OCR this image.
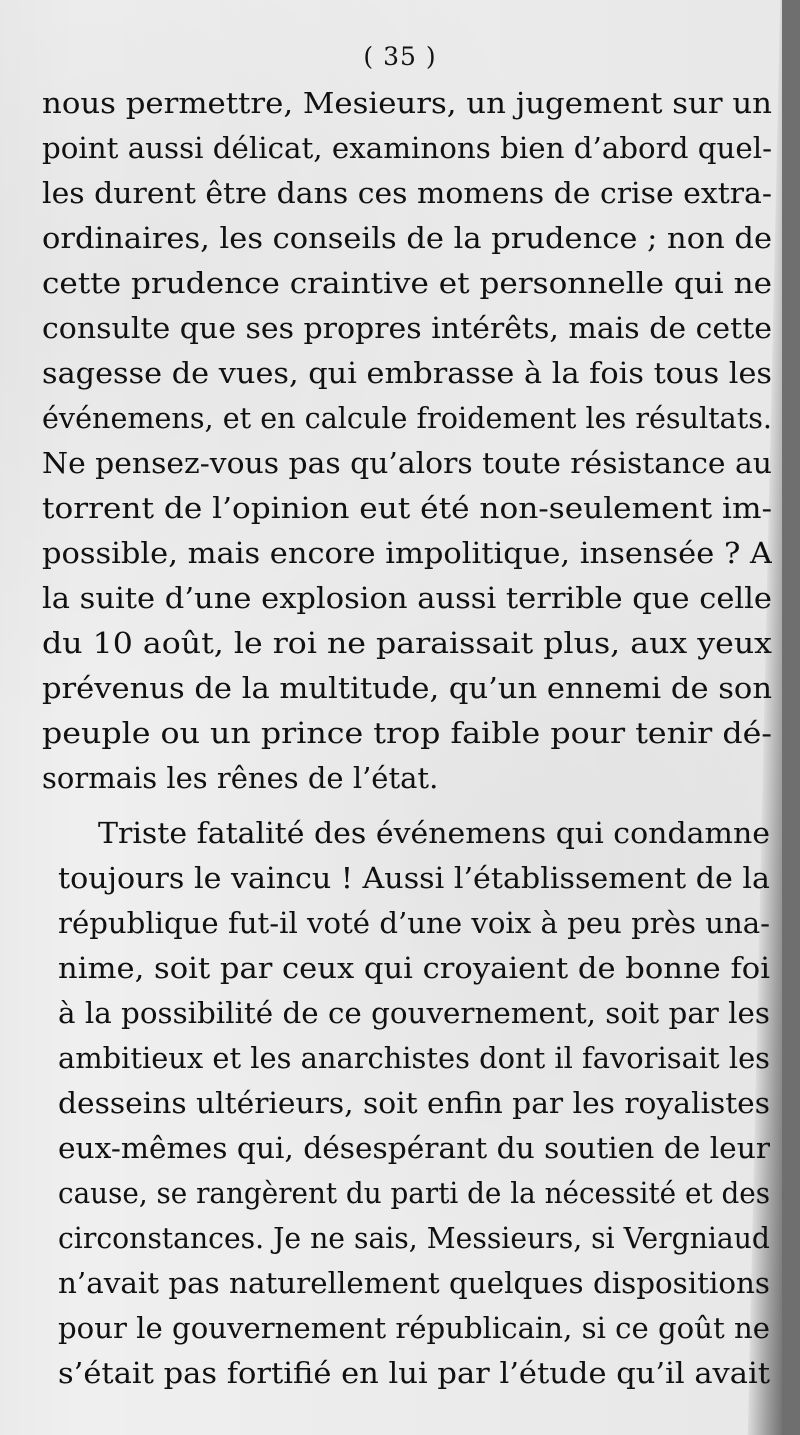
( 35 )
nous permettre, Mesieurs, un jugement sur un
point aussi délicat, examinons bien d’abord quel-
les durent être dans ces momens de crise extra-
ordinaires, les conseils de la prudence ; non de
cette prudence craintive et personnelle qui ne
consulte que ses propres intérêts, mais de cette
sagesse de vues, qui embrasse à la fois tous les
événemens, et en calcule froidement les résultats.
Ne pensez-vous pas qu’alors toute résistance au
torrent de l’opinion eut été non-seulement im-
possible, mais encore impolitique, insensée ? A
la suite d’une explosion aussi terrible que celle
du 10 août, le roi ne paraissait plus, aux yeux
prévenus de la multitude, qu’un ennemi de son
peuple ou un prince trop faible pour tenir dé-
sormais les rênes de l’état.
Triste fatalité des événemens qui condamne
toujours le vaincu ! Aussi l’établissement de la
république fut-il voté d’une voix à peu près una-
nime, soit par ceux qui croyaient de bonne foi
à la possibilité de ce gouvernement, soit par les
ambitieux et les anarchistes dont il favorisait les
desseins ultérieurs, soit enfin par les royalistes
eux-mêmes qui, désespérant du soutien de leur
cause, se rangèrent du parti de la nécessité et des
circonstances. Je ne sais, Messieurs, si Vergniaud
n’avait pas naturellement quelques dispositions
pour le gouvernement républicain, si ce goût ne
s’était pas fortifié en lui par l’étude qu’il avait
